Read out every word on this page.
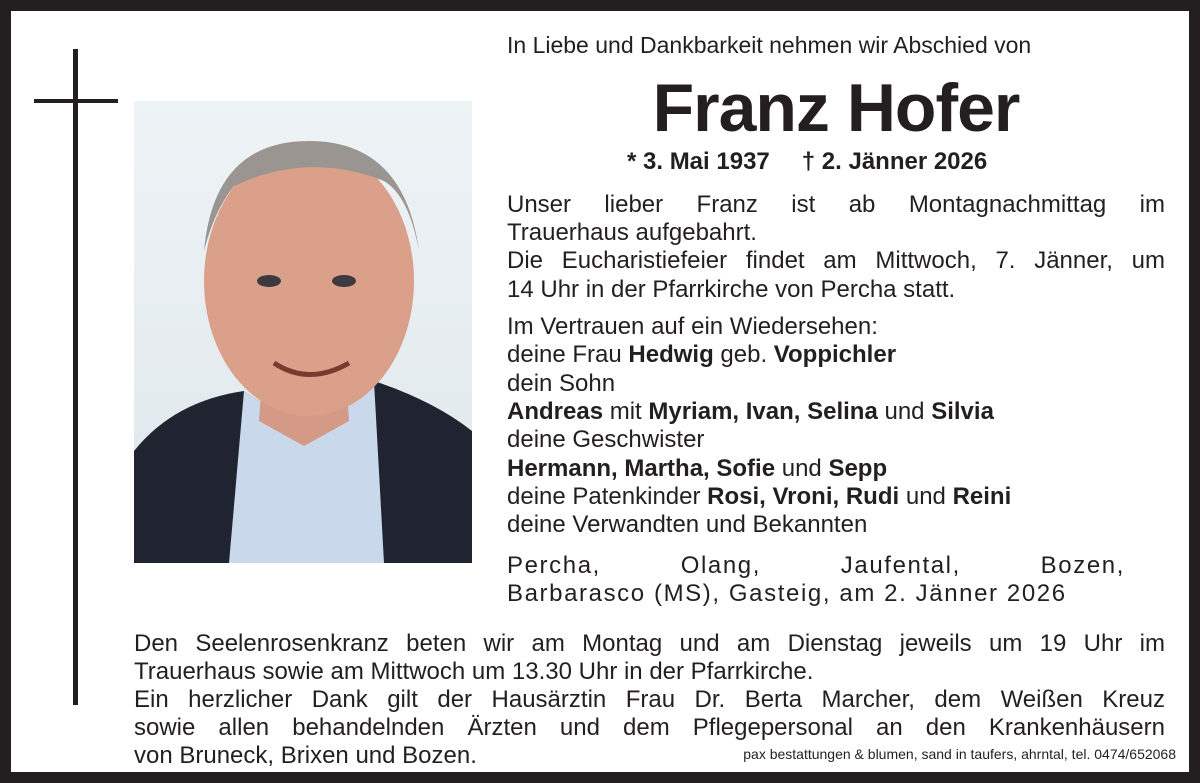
In Liebe und Dankbarkeit nehmen wir Abschied von
Franz Hofer
* 3. Mai 1937 † 2. Jänner 2026
Unser lieber Franz ist ab Montagnachmittag im
Trauerhaus aufgebahrt.
Die Eucharistiefeier findet am Mittwoch, 7. Jänner, um
14 Uhr in der Pfarrkirche von Percha statt.
Im Vertrauen auf ein Wiedersehen:
deine Frau Hedwig geb. Voppichler
dein Sohn
Andreas mit Myriam, Ivan, Selina und Silvia
deine Geschwister
Hermann, Martha, Sofie und Sepp
deine Patenkinder Rosi, Vroni, Rudi und Reini
deine Verwandten und Bekannten
Percha, Olang, Jaufental, Bozen,
Barbarasco (MS), Gasteig, am 2. Jänner 2026
Den Seelenrosenkranz beten wir am Montag und am Dienstag jeweils um 19 Uhr im
Trauerhaus sowie am Mittwoch um 13.30 Uhr in der Pfarrkirche.
Ein herzlicher Dank gilt der Hausärztin Frau Dr. Berta Marcher, dem Weißen Kreuz
sowie allen behandelnden Ärzten und dem Pflegepersonal an den Krankenhäusern
von Bruneck, Brixen und Bozen.	pax bestattungen & blumen, sand in taufers, ahrntal, tel. 0474/652068
